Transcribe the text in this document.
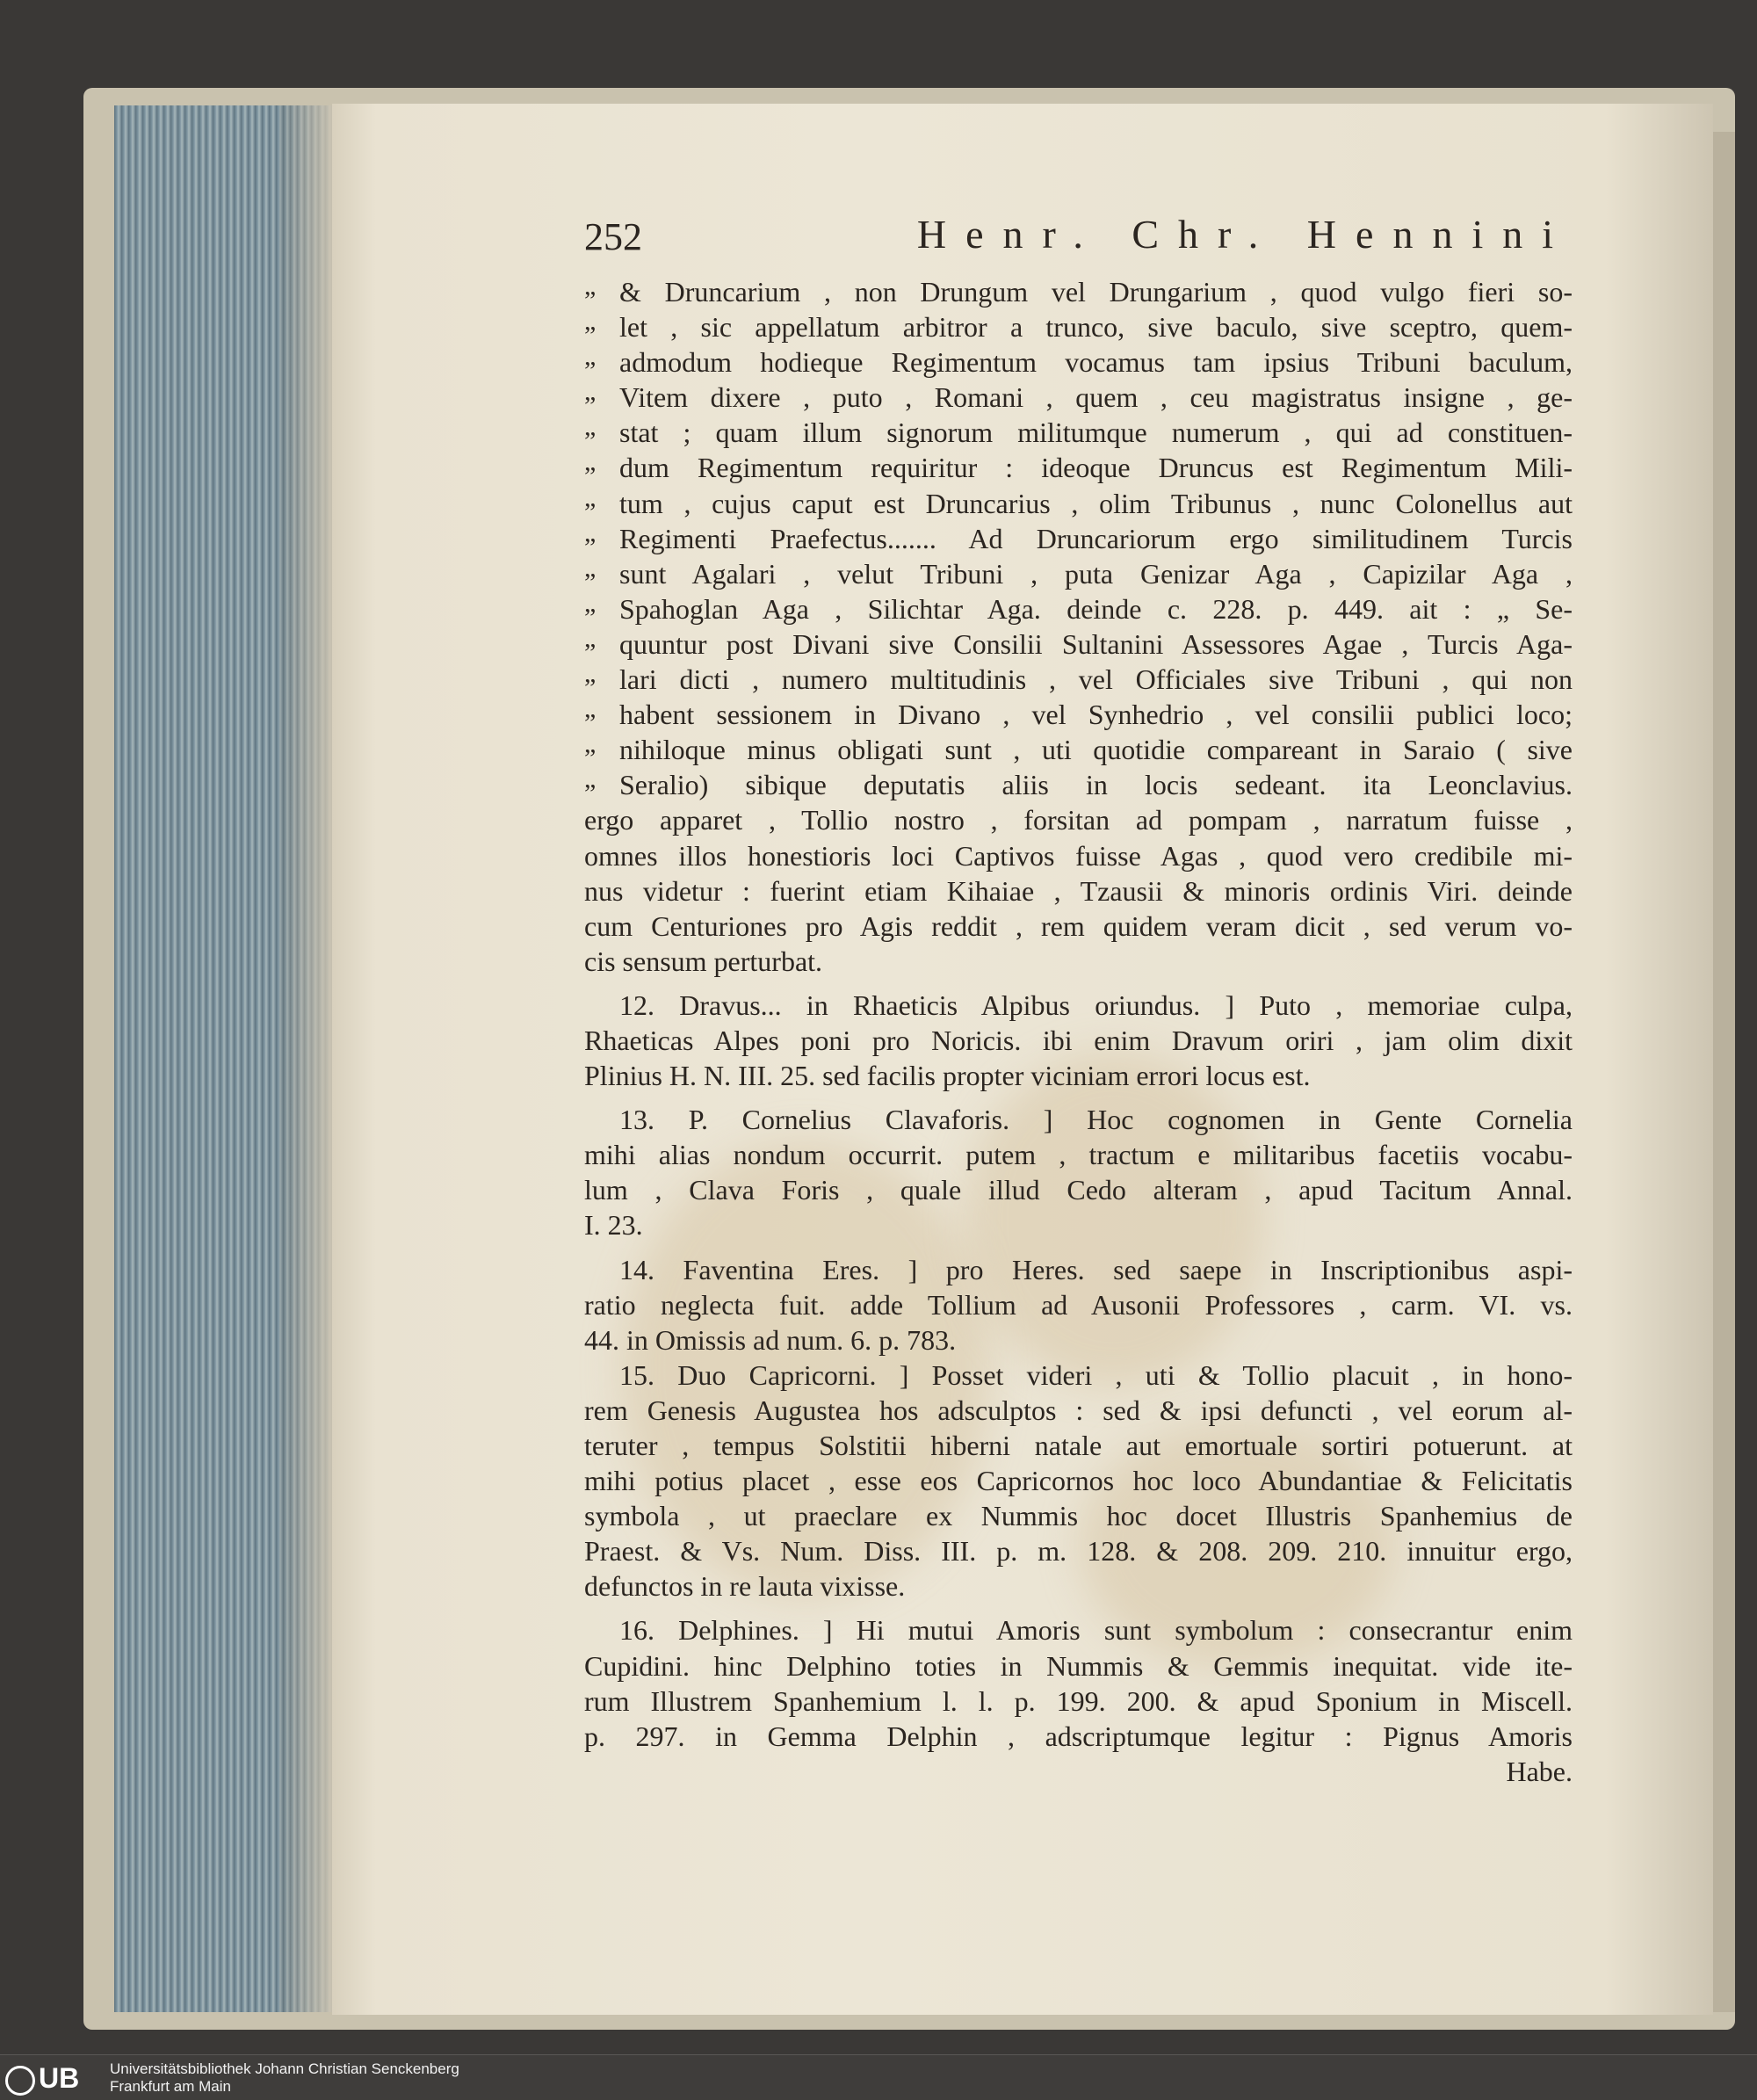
252	Henr. Chr. Hennini
„ & Druncarium , non Drungum vel Drungarium , quod vulgo fieri so-
„ let , sic appellatum arbitror a trunco, sive baculo, sive sceptro, quem-
„ admodum hodieque Regimentum vocamus tam ipsius Tribuni baculum,
„ Vitem dixere , puto , Romani , quem , ceu magistratus insigne , ge-
„ stat ; quam illum signorum militumque numerum , qui ad constituen-
„ dum Regimentum requiritur : ideoque Druncus est Regimentum Mili-
„ tum , cujus caput est Druncarius , olim Tribunus , nunc Colonellus aut
„ Regimenti Praefectus....... Ad Druncariorum ergo similitudinem Turcis
„ sunt Agalari , velut Tribuni , puta Genizar Aga , Capizilar Aga ,
„ Spahoglan Aga , Silichtar Aga. deinde c. 228. p. 449. ait : „ Se-
„ quuntur post Divani sive Consilii Sultanini Assessores Agae , Turcis Aga-
„ lari dicti , numero multitudinis , vel Officiales sive Tribuni , qui non
„ habent sessionem in Divano , vel Synhedrio , vel consilii publici loco;
„ nihiloque minus obligati sunt , uti quotidie compareant in Saraio ( sive
„ Seralio) sibique deputatis aliis in locis sedeant. ita Leonclavius.
ergo apparet , Tollio nostro , forsitan ad pompam , narratum fuisse ,
omnes illos honestioris loci Captivos fuisse Agas , quod vero credibile mi-
nus videtur : fuerint etiam Kihaiae , Tzausii & minoris ordinis Viri. deinde
cum Centuriones pro Agis reddit , rem quidem veram dicit , sed verum vo-
cis sensum perturbat.
12. Dravus... in Rhaeticis Alpibus oriundus. ] Puto , memoriae culpa,
Rhaeticas Alpes poni pro Noricis. ibi enim Dravum oriri , jam olim dixit
Plinius H. N. III. 25. sed facilis propter viciniam errori locus est.
13. P. Cornelius Clavaforis. ] Hoc cognomen in Gente Cornelia
mihi alias nondum occurrit. putem , tractum e militaribus facetiis vocabu-
lum , Clava Foris , quale illud Cedo alteram , apud Tacitum Annal.
I. 23.
14. Faventina Eres. ] pro Heres. sed saepe in Inscriptionibus aspi-
ratio neglecta fuit. adde Tollium ad Ausonii Professores , carm. VI. vs.
44. in Omissis ad num. 6. p. 783.
15. Duo Capricorni. ] Posset videri , uti & Tollio placuit , in hono-
rem Genesis Augustea hos adsculptos : sed & ipsi defuncti , vel eorum al-
teruter , tempus Solstitii hiberni natale aut emortuale sortiri potuerunt. at
mihi potius placet , esse eos Capricornos hoc loco Abundantiae & Felicitatis
symbola , ut praeclare ex Nummis hoc docet Illustris Spanhemius de
Praest. & Vs. Num. Diss. III. p. m. 128. & 208. 209. 210. innuitur ergo,
defunctos in re lauta vixisse.
16. Delphines. ] Hi mutui Amoris sunt symbolum : consecrantur enim
Cupidini. hinc Delphino toties in Nummis & Gemmis inequitat. vide ite-
rum Illustrem Spanhemium l. l. p. 199. 200. & apud Sponium in Miscell.
p. 297. in Gemma Delphin , adscriptumque legitur : Pignus Amoris
Habe.
UB	Universitätsbibliothek Johann Christian Senckenberg
Frankfurt am Main
